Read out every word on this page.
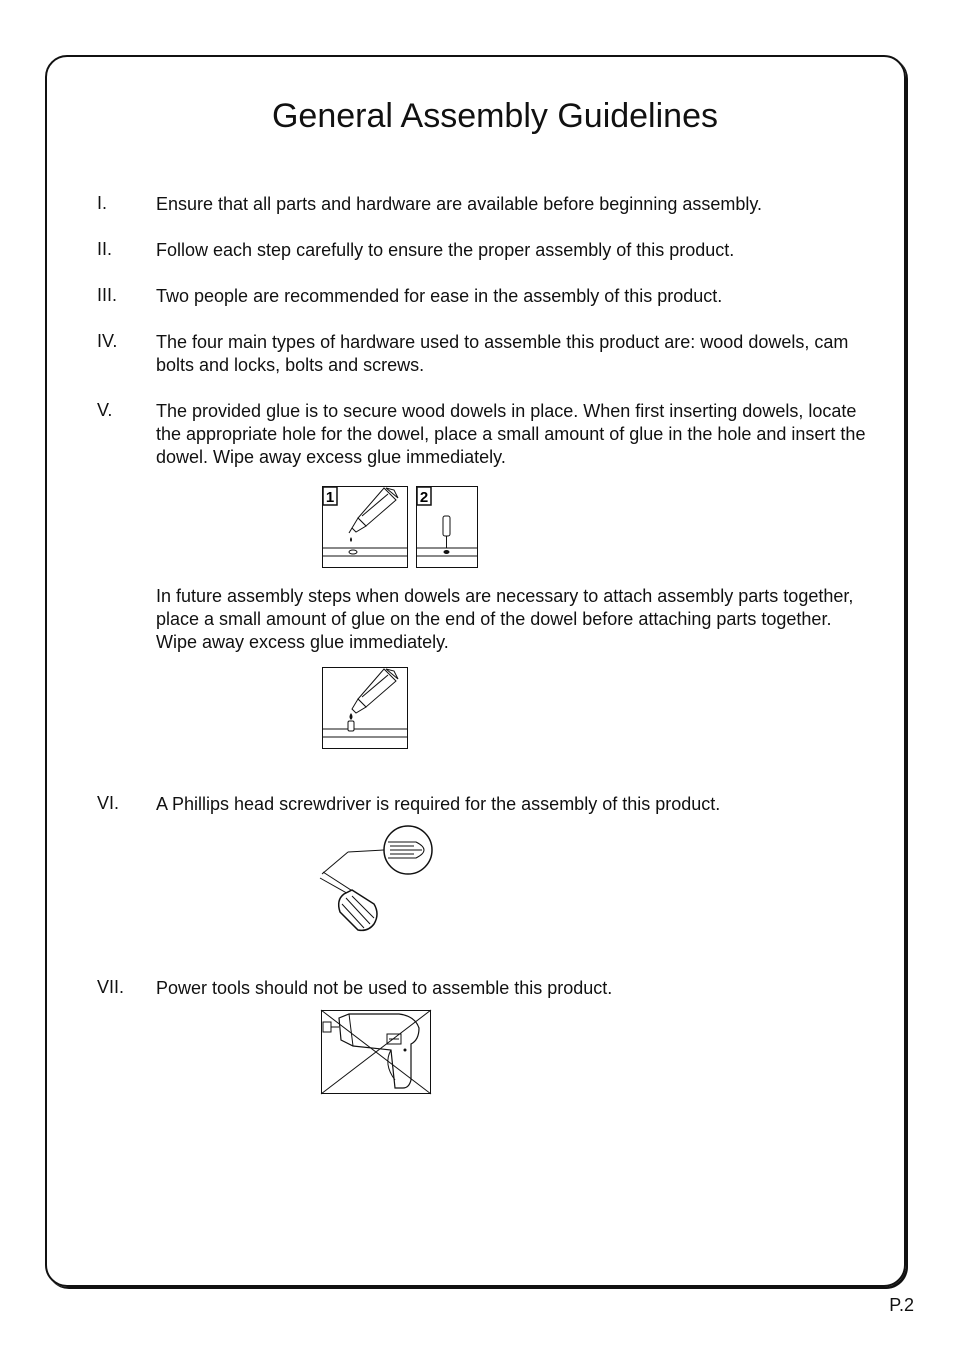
General Assembly Guidelines
I.	Ensure that all parts and hardware are available before beginning assembly.
II. Follow each step carefully to ensure the proper assembly of this product.
III. Two people are recommended for ease in the assembly of this product.
IV. The four main types of hardware used to assemble this product are: wood dowels, cam bolts and locks, bolts and screws.
V. The provided glue is to secure wood dowels in place. When first inserting dowels, locate the appropriate hole for the dowel, place a small amount of glue in the hole and insert the dowel. Wipe away excess glue immediately.
1	2
In future assembly steps when dowels are necessary to attach assembly parts together, place a small amount of glue on the end of the dowel before attaching parts together. Wipe away excess glue immediately.
VI. A Phillips head screwdriver is required for the assembly of this product.
VII. Power tools should not be used to assemble this product.
P.2
